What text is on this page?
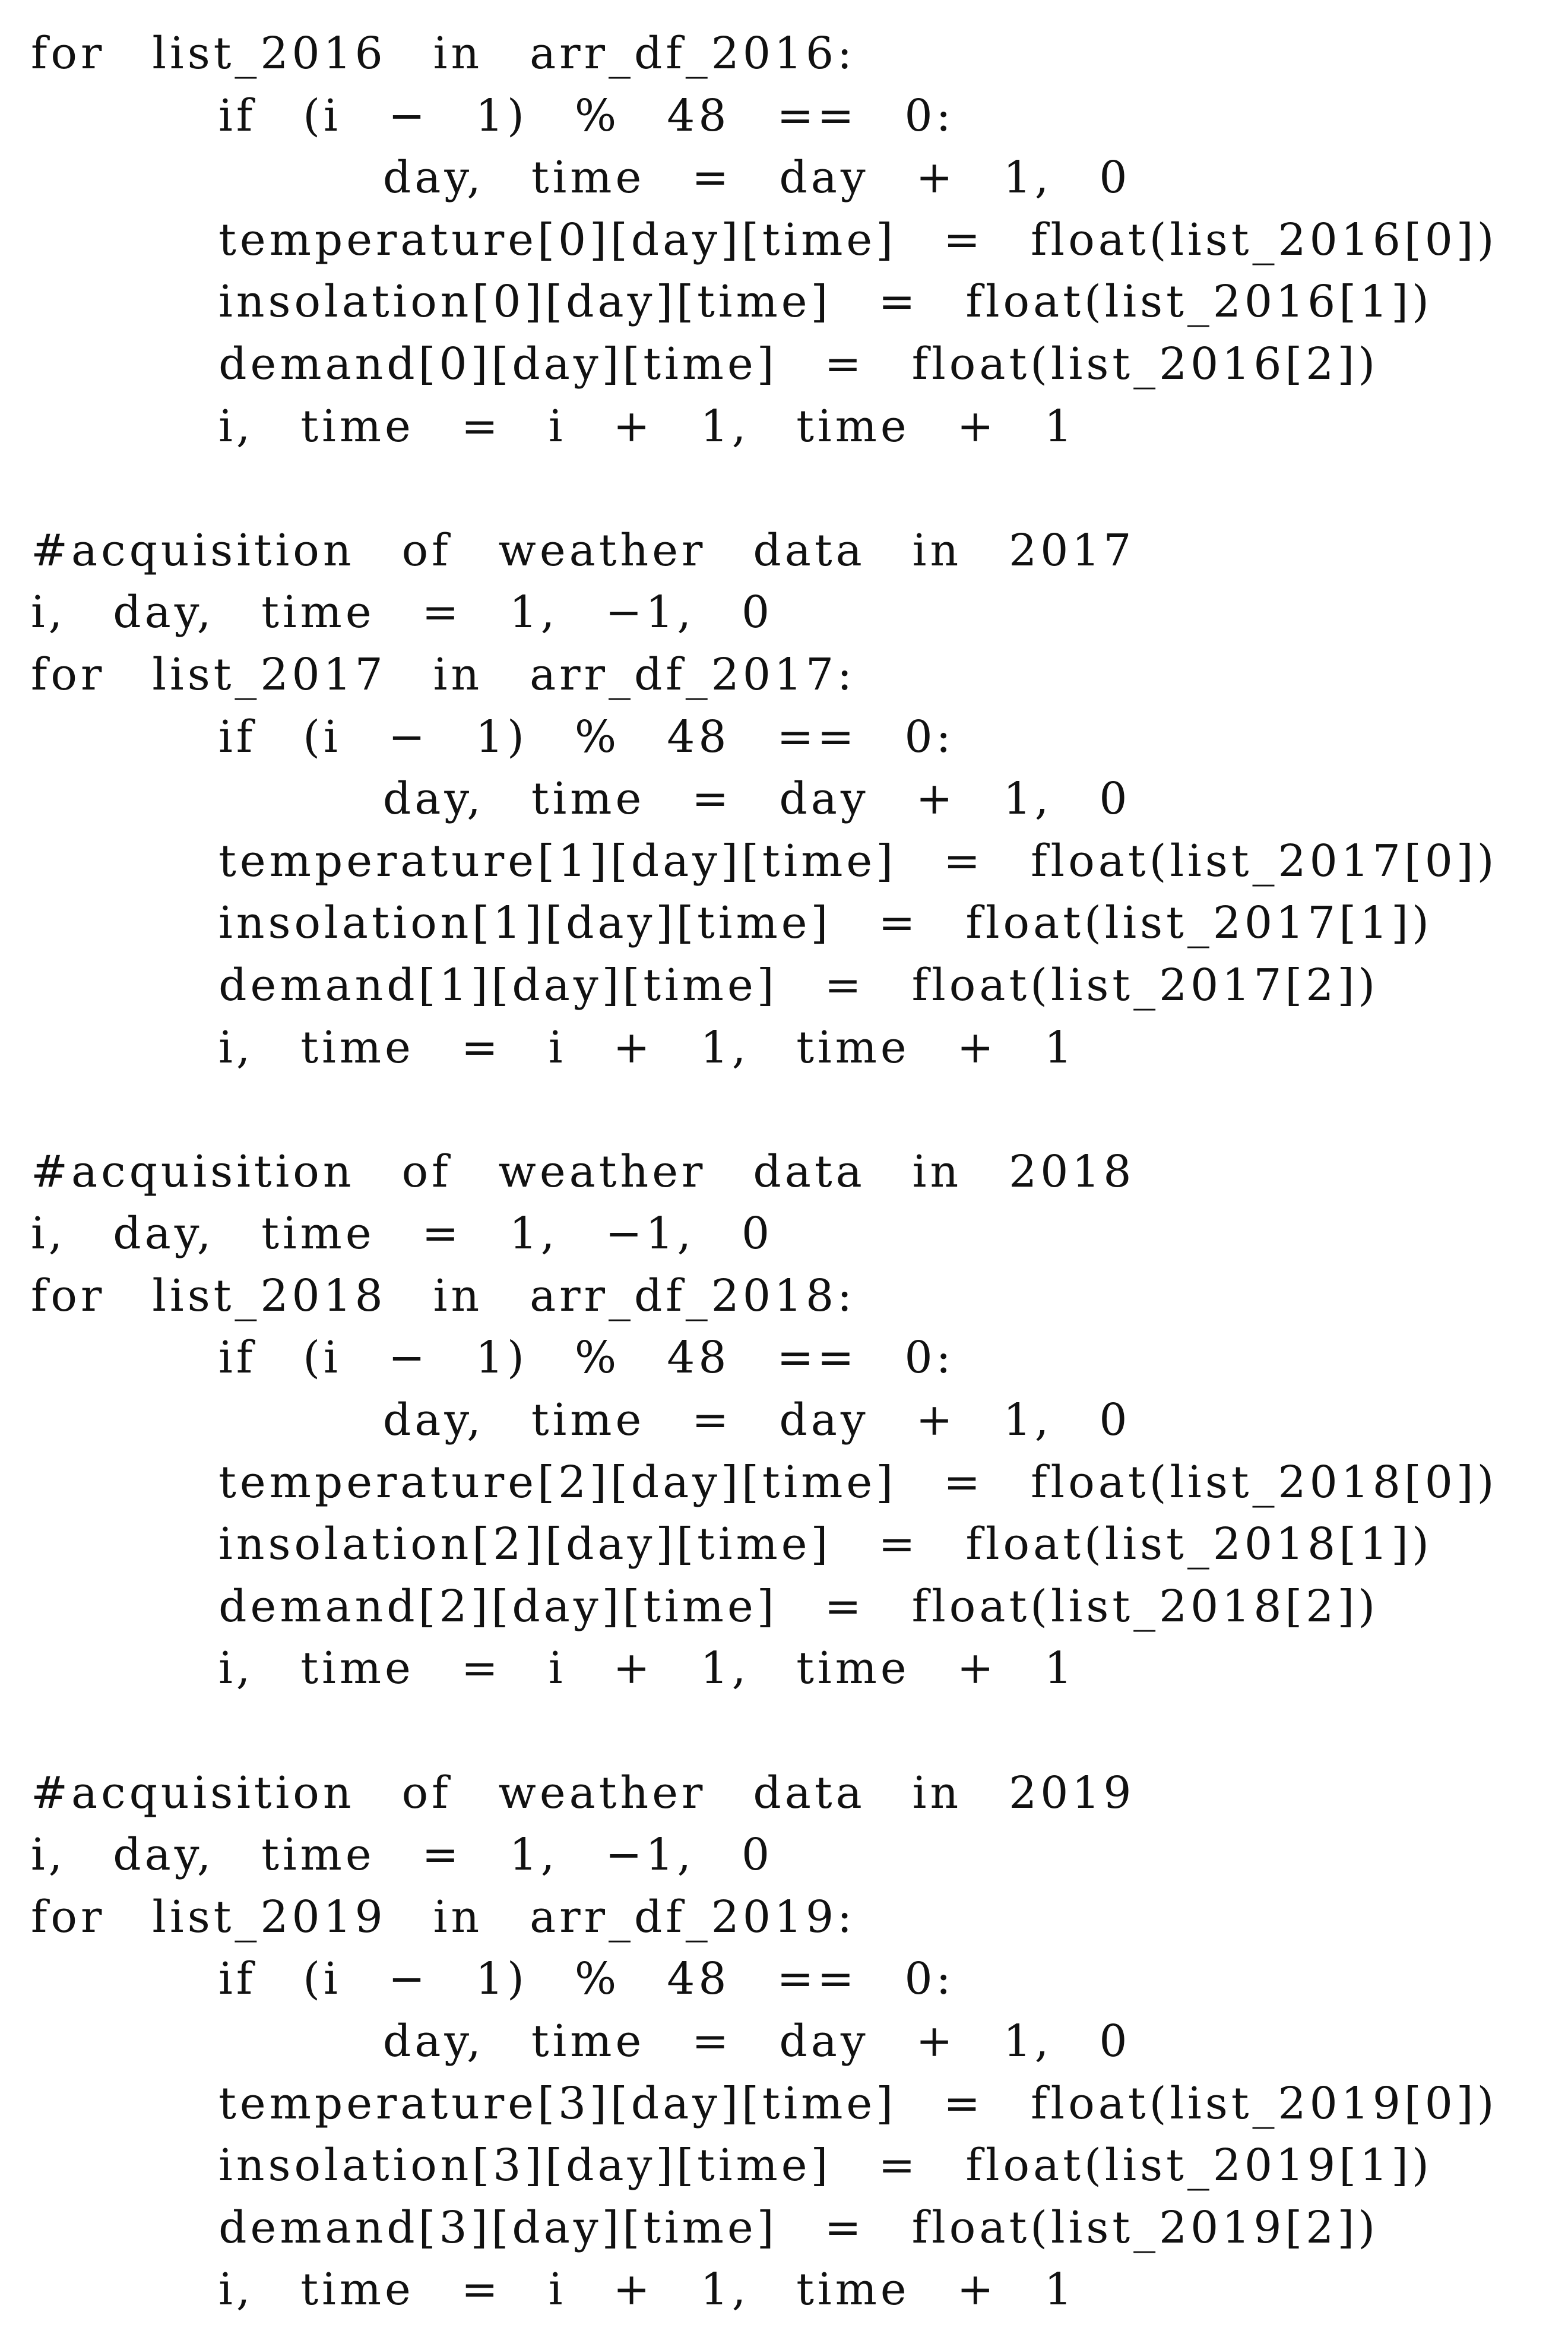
for  list_2016  in  arr_df_2016:
if  (i  −  1)  %  48  ==  0:
day,  time  =  day  +  1,  0
temperature[0][day][time]  =  float(list_2016[0])
insolation[0][day][time]  =  float(list_2016[1])
demand[0][day][time]  =  float(list_2016[2])
i,  time  =  i  +  1,  time  +  1
#acquisition  of  weather  data  in  2017
i,  day,  time  =  1,  −1,  0
for  list_2017  in  arr_df_2017:
if  (i  −  1)  %  48  ==  0:
day,  time  =  day  +  1,  0
temperature[1][day][time]  =  float(list_2017[0])
insolation[1][day][time]  =  float(list_2017[1])
demand[1][day][time]  =  float(list_2017[2])
i,  time  =  i  +  1,  time  +  1
#acquisition  of  weather  data  in  2018
i,  day,  time  =  1,  −1,  0
for  list_2018  in  arr_df_2018:
if  (i  −  1)  %  48  ==  0:
day,  time  =  day  +  1,  0
temperature[2][day][time]  =  float(list_2018[0])
insolation[2][day][time]  =  float(list_2018[1])
demand[2][day][time]  =  float(list_2018[2])
i,  time  =  i  +  1,  time  +  1
#acquisition  of  weather  data  in  2019
i,  day,  time  =  1,  −1,  0
for  list_2019  in  arr_df_2019:
if  (i  −  1)  %  48  ==  0:
day,  time  =  day  +  1,  0
temperature[3][day][time]  =  float(list_2019[0])
insolation[3][day][time]  =  float(list_2019[1])
demand[3][day][time]  =  float(list_2019[2])
i,  time  =  i  +  1,  time  +  1
